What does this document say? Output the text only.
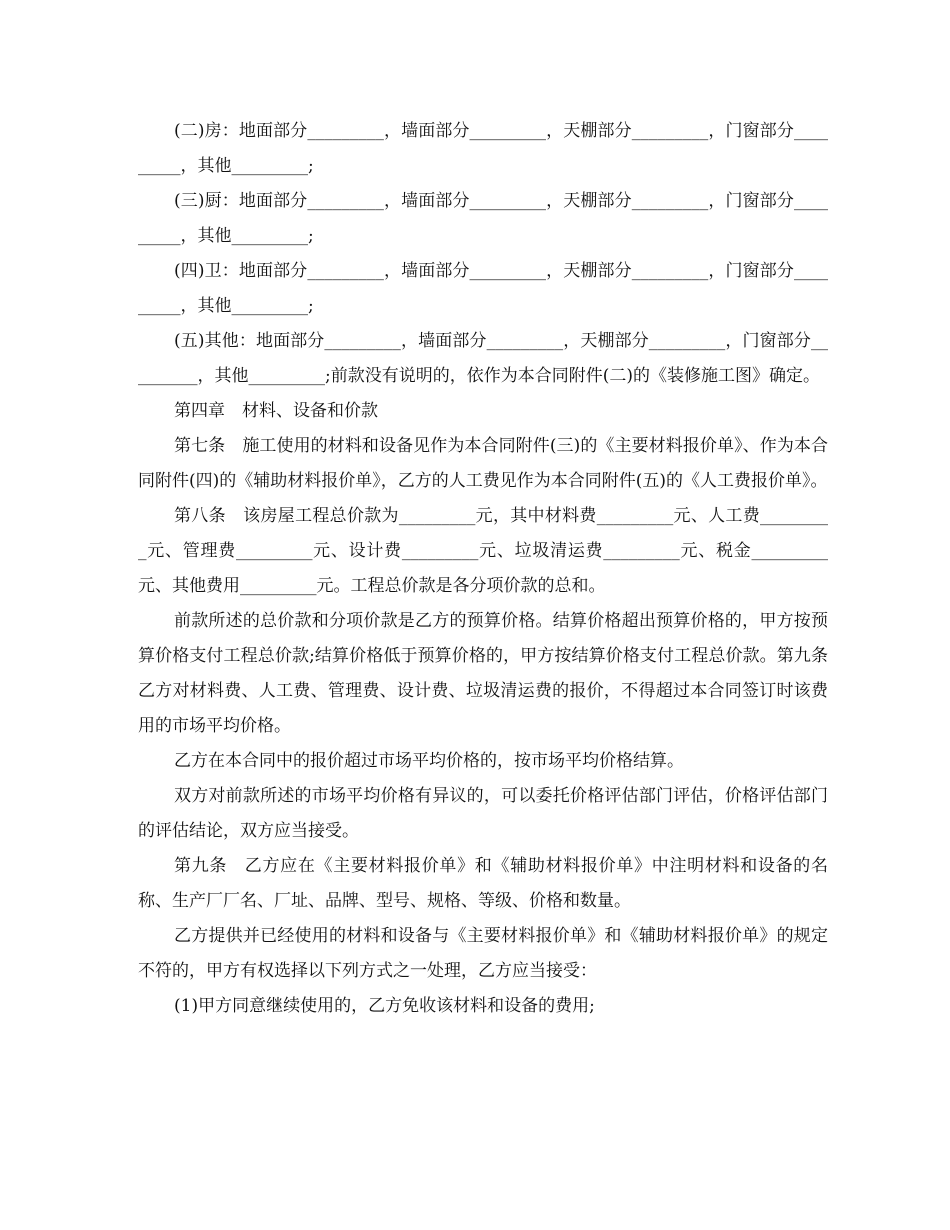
(二)房：地面部分_________，墙面部分_________，天棚部分_________，门窗部分_________，其他_________;

(三)厨：地面部分_________，墙面部分_________，天棚部分_________，门窗部分_________，其他_________;

(四)卫：地面部分_________，墙面部分_________，天棚部分_________，门窗部分_________，其他_________;

(五)其他：地面部分_________，墙面部分_________，天棚部分_________，门窗部分_________，其他_________;前款没有说明的，依作为本合同附件(二)的《装修施工图》确定。

第四章　材料、设备和价款

第七条　施工使用的材料和设备见作为本合同附件(三)的《主要材料报价单》、作为本合同附件(四)的《辅助材料报价单》，乙方的人工费见作为本合同附件(五)的《人工费报价单》。

第八条　该房屋工程总价款为_________元，其中材料费_________元、人工费_________元、管理费_________元、设计费_________元、垃圾清运费_________元、税金_________元、其他费用_________元。工程总价款是各分项价款的总和。

前款所述的总价款和分项价款是乙方的预算价格。结算价格超出预算价格的，甲方按预算价格支付工程总价款;结算价格低于预算价格的，甲方按结算价格支付工程总价款。第九条乙方对材料费、人工费、管理费、设计费、垃圾清运费的报价，不得超过本合同签订时该费用的市场平均价格。

乙方在本合同中的报价超过市场平均价格的，按市场平均价格结算。

双方对前款所述的市场平均价格有异议的，可以委托价格评估部门评估，价格评估部门的评估结论，双方应当接受。

第九条　乙方应在《主要材料报价单》和《辅助材料报价单》中注明材料和设备的名称、生产厂厂名、厂址、品牌、型号、规格、等级、价格和数量。

乙方提供并已经使用的材料和设备与《主要材料报价单》和《辅助材料报价单》的规定不符的，甲方有权选择以下列方式之一处理，乙方应当接受：

(1)甲方同意继续使用的，乙方免收该材料和设备的费用;
